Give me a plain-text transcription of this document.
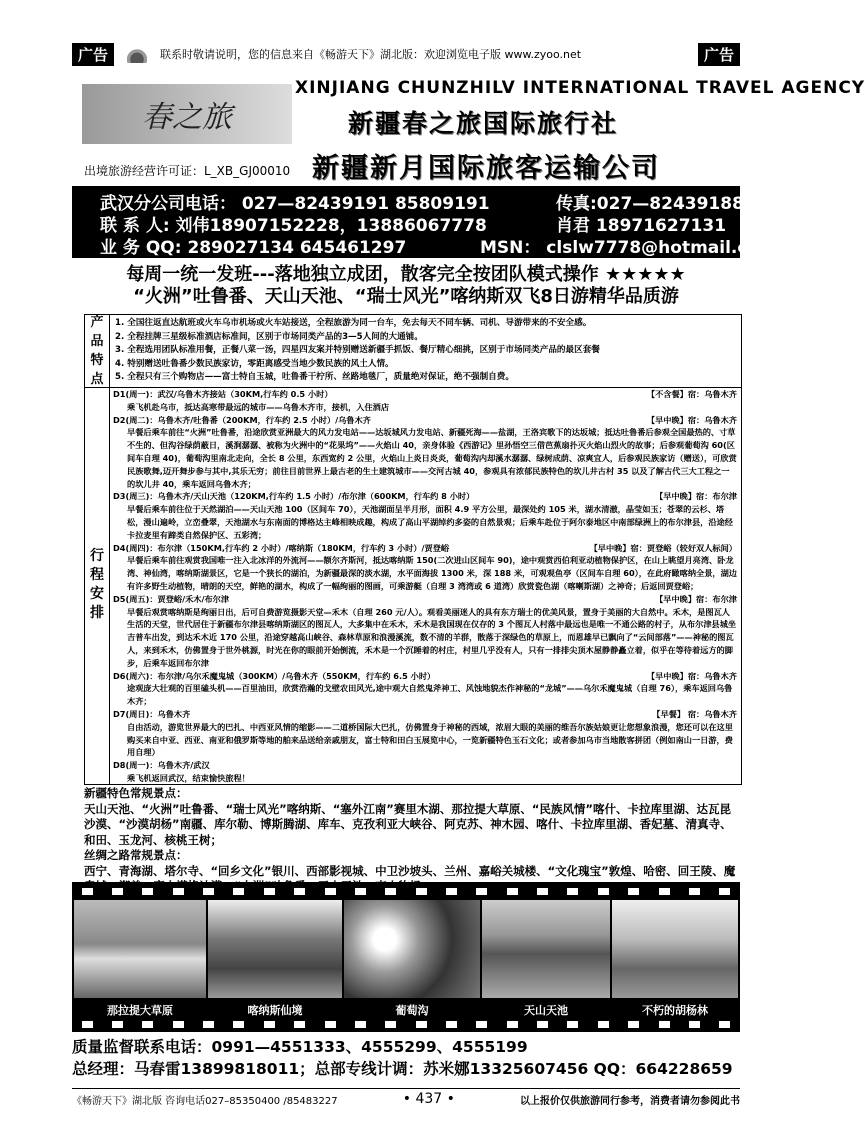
广告	联系时敬请说明，您的信息来自《畅游天下》湖北版：欢迎浏览电子版 www.zyoo.net	广告
春之旅
XINJIANG CHUNZHILV INTERNATIONAL TRAVEL AGENCY
新疆春之旅国际旅行社
新疆新月国际旅客运输公司
出境旅游经营许可证：L_XB_GJ00010
武汉分公司电话： 027—82439191 85809191	传真:027—82439188
联 系 人: 刘伟18907152228，13886067778	肖君 18971627131
业 务 QQ: 289027134 645461297	MSN： clslw7778@hotmail.com
每周一统一发班---落地独立成团，散客完全按团队模式操作 ★★★★★
“火洲”吐鲁番、天山天池、“瑞士风光”喀纳斯双飞8日游精华品质游
产品特点
1. 全国往返直达航班或火车乌市机场或火车站接送，全程旅游为同一台车，免去每天不同车辆、司机、导游带来的不安全感。
2. 全程挂牌三星级标准酒店标准间，区别于市场同类产品的3—5人间的大通铺。
3. 全程选用团队标准用餐，正餐八菜一汤，四星四友案并特别赠送新疆手抓饭、餐厅精心细挑，区别于市场同类产品的最区套餐
4. 特别赠送吐鲁番少数民族家访，零距离感受当地少数民族的风土人情。
5. 全程只有三个购物店——富士特自玉城，吐鲁番干柠所、丝路地毯厂，质量绝对保证，绝不强制自费。
行程安排
D1(周一)：武汉/乌鲁木齐接站（30KM,行车约 0.5 小时）	【不含餐】宿：乌鲁木齐
乘飞机赴乌市，抵达高寒带最远的城市——乌鲁木齐市，接机，入住酒店
D2(周二)：乌鲁木齐/吐鲁番（200KM，行车约 2.5 小时）/乌鲁木齐	【早中晚】宿：乌鲁木齐
早餐后乘车前往“火洲”吐鲁番，沿途欣赏亚洲最大的风力发电站——达坂城风力发电站、新疆死海——盐湖，王洛宾歌下的达坂城；抵达吐鲁番后参观全国最热的、寸草不生的、但沟谷绿荫蔽日，溪涧潺潺、被称为火洲中的“花果坞”——火焰山 40，亲身体验《西游记》里孙悟空三借芭蕉扇扑灭火焰山烈火的故事；后参观葡萄沟 60(区间车自理 40)，葡萄沟里南北走向，全长 8 公里，东西宽约 2 公里，火焰山上炎日炎炎，葡萄沟内却溪水潺潺、绿树成荫、凉爽宜人，后参观民族家访（赠送），可欣赏民族歌舞,迈开舞步参与其中,其乐无穷；前往目前世界上最古老的生土建筑城市——交河古城 40，参观具有浓郁民族特色的坎儿井古村 35 以及了解古代三大工程之一的坎儿井 40，乘车返回乌鲁木齐；
D3(周三)：乌鲁木齐/天山天池（120KM,行车约 1.5 小时）/布尔津（600KM，行车约 8 小时）	【早中晚】宿：布尔津
早餐后乘车前往位于天然湖泊——天山天池 100（区间车 70），天池湖面呈半月形，面积 4.9 平方公里，最深处约 105 米，湖水清澈，晶莹如玉；苍翠的云杉、塔松，漫山遍岭，立峦叠翠，天池湖水与东南面的博格达主峰相映成趣，构成了高山平湖绰约多姿的自然景观；后乘车赴位于阿尔泰地区中南部绿洲上的布尔津县，沿途经卡拉麦里有蹄类自然保护区、五彩湾；
D4(周四)：布尔津（150KM,行车约 2 小时）/喀纳斯（180KM，行车约 3 小时）/贾登峪	【早中晚】宿：贾登峪（较好双人标间）
早餐后乘车前往观赏我国唯一注入北冰洋的外流河——额尔齐斯河，抵达喀纳斯 150(二次进山区间车 90)，途中观赏西伯利亚动植物保护区，在山上眺望月亮湾、卧龙湾、神仙湾，喀纳斯湖景区，它是一个狭长的湖泊，为新疆最深的淡水湖，水平面海拔 1300 米，深 188 米，可观观鱼亭（区间车自理 60），在此府瞰喀纳全景，湖边有许多野生动植物，晴朗的天空，鲜艳的湖水，构成了一幅绚丽的图画，可乘游艇（自理 3 湾湾或 6 道湾）欣赏瓷色湖（喀喇斯湖）之神奇；后返回贾登峪；
D5(周五)：贾登峪/禾木/布尔津	【早中晚】宿：布尔津
早餐后观赏喀纳斯是绚丽日出，后可自费游览摄影天堂—禾木（自理 260 元/人）。观看美丽迷人的具有东方瑞士的优美风景，置身于美丽的大自然中。禾木，是图瓦人生活的天堂，世代居住于新疆布尔津县喀纳斯湖区的图瓦人，大多集中在禾木，禾木是我国现在仅存的 3 个图瓦人村落中最远也是唯一不通公路的村子，从布尔津县城坐吉普车出发，到达禾木近 170 公里，沿途穿越高山峡谷、森林草原和浪漫溪流，数不清的羊群，散落于深绿色的草原上，而恩雄早已飘向了“云间部落”——神秘的图瓦人，来到禾木，仿佛置身于世外桃源，时光在你的眼前开始倒流，禾木是一个沉睡着的村庄，村里几乎没有人，只有一排排尖顶木屋静静矗立着，似乎在等待着远方的脚步，后乘车返回布尔津
D6(周六)：布尔津/乌尔禾魔鬼城（300KM）/乌鲁木齐（550KM，行车约 6.5 小时）	【早中晚】宿：乌鲁木齐
途观庞大壮观的百里磕头机——百里油田，欣赏浩瀚的戈壁农田风光,途中观大自然鬼斧神工、风蚀地貌杰作神秘的“龙城”——乌尔禾魔鬼城（自理 76），乘车返回乌鲁木齐；
D7(周日)：乌鲁木齐	【早餐】 宿：乌鲁木齐
自由活动，游览世界最大的巴扎、中西亚风情的缩影——二道桥国际大巴扎，仿佛置身于神秘的西域，浓眉大眼的美丽的维吾尔族姑娘更让您想象浪漫，您还可以在这里购买来自中亚、西亚、南亚和俄罗斯等地的舶来品送给亲戚朋友，富士特和田白玉展览中心，一览新疆特色玉石文化；或者参加乌市当地散客拼团（例如南山一日游，费用自理）
D8(周一)：乌鲁木齐/武汉
乘飞机返回武汉，结束愉快旅程！
新疆特色常规景点：
天山天池、“火洲”吐鲁番、“瑞士风光”喀纳斯、“塞外江南”赛里木湖、那拉提大草原、“民族风情”喀什、卡拉库里湖、达瓦昆沙漠、“沙漠胡杨”南疆、库尔勒、博斯腾湖、库车、克孜利亚大峡谷、阿克苏、神木园、喀什、卡拉库里湖、香妃墓、清真寺、和田、玉龙河、核桃王树；
丝绸之路常规景点：
西宁、青海湖、塔尔寺、“回乡文化”银川、西部影视城、中卫沙坡头、兰州、嘉峪关城楼、“文化瑰宝”敦煌、哈密、回王陵、魔
那拉提大草原	喀纳斯仙境	葡萄沟	天山天池	不朽的胡杨林
质量监督联系电话：0991—4551333、4555299、4555199
总经理：马春雷13899818011；总部专线计调：苏米娜13325607456 QQ：664228659
《畅游天下》湖北版 咨询电话027–85350400 /85483227	• 437 •	以上报价仅供旅游同行参考，消费者请勿参阅此书
